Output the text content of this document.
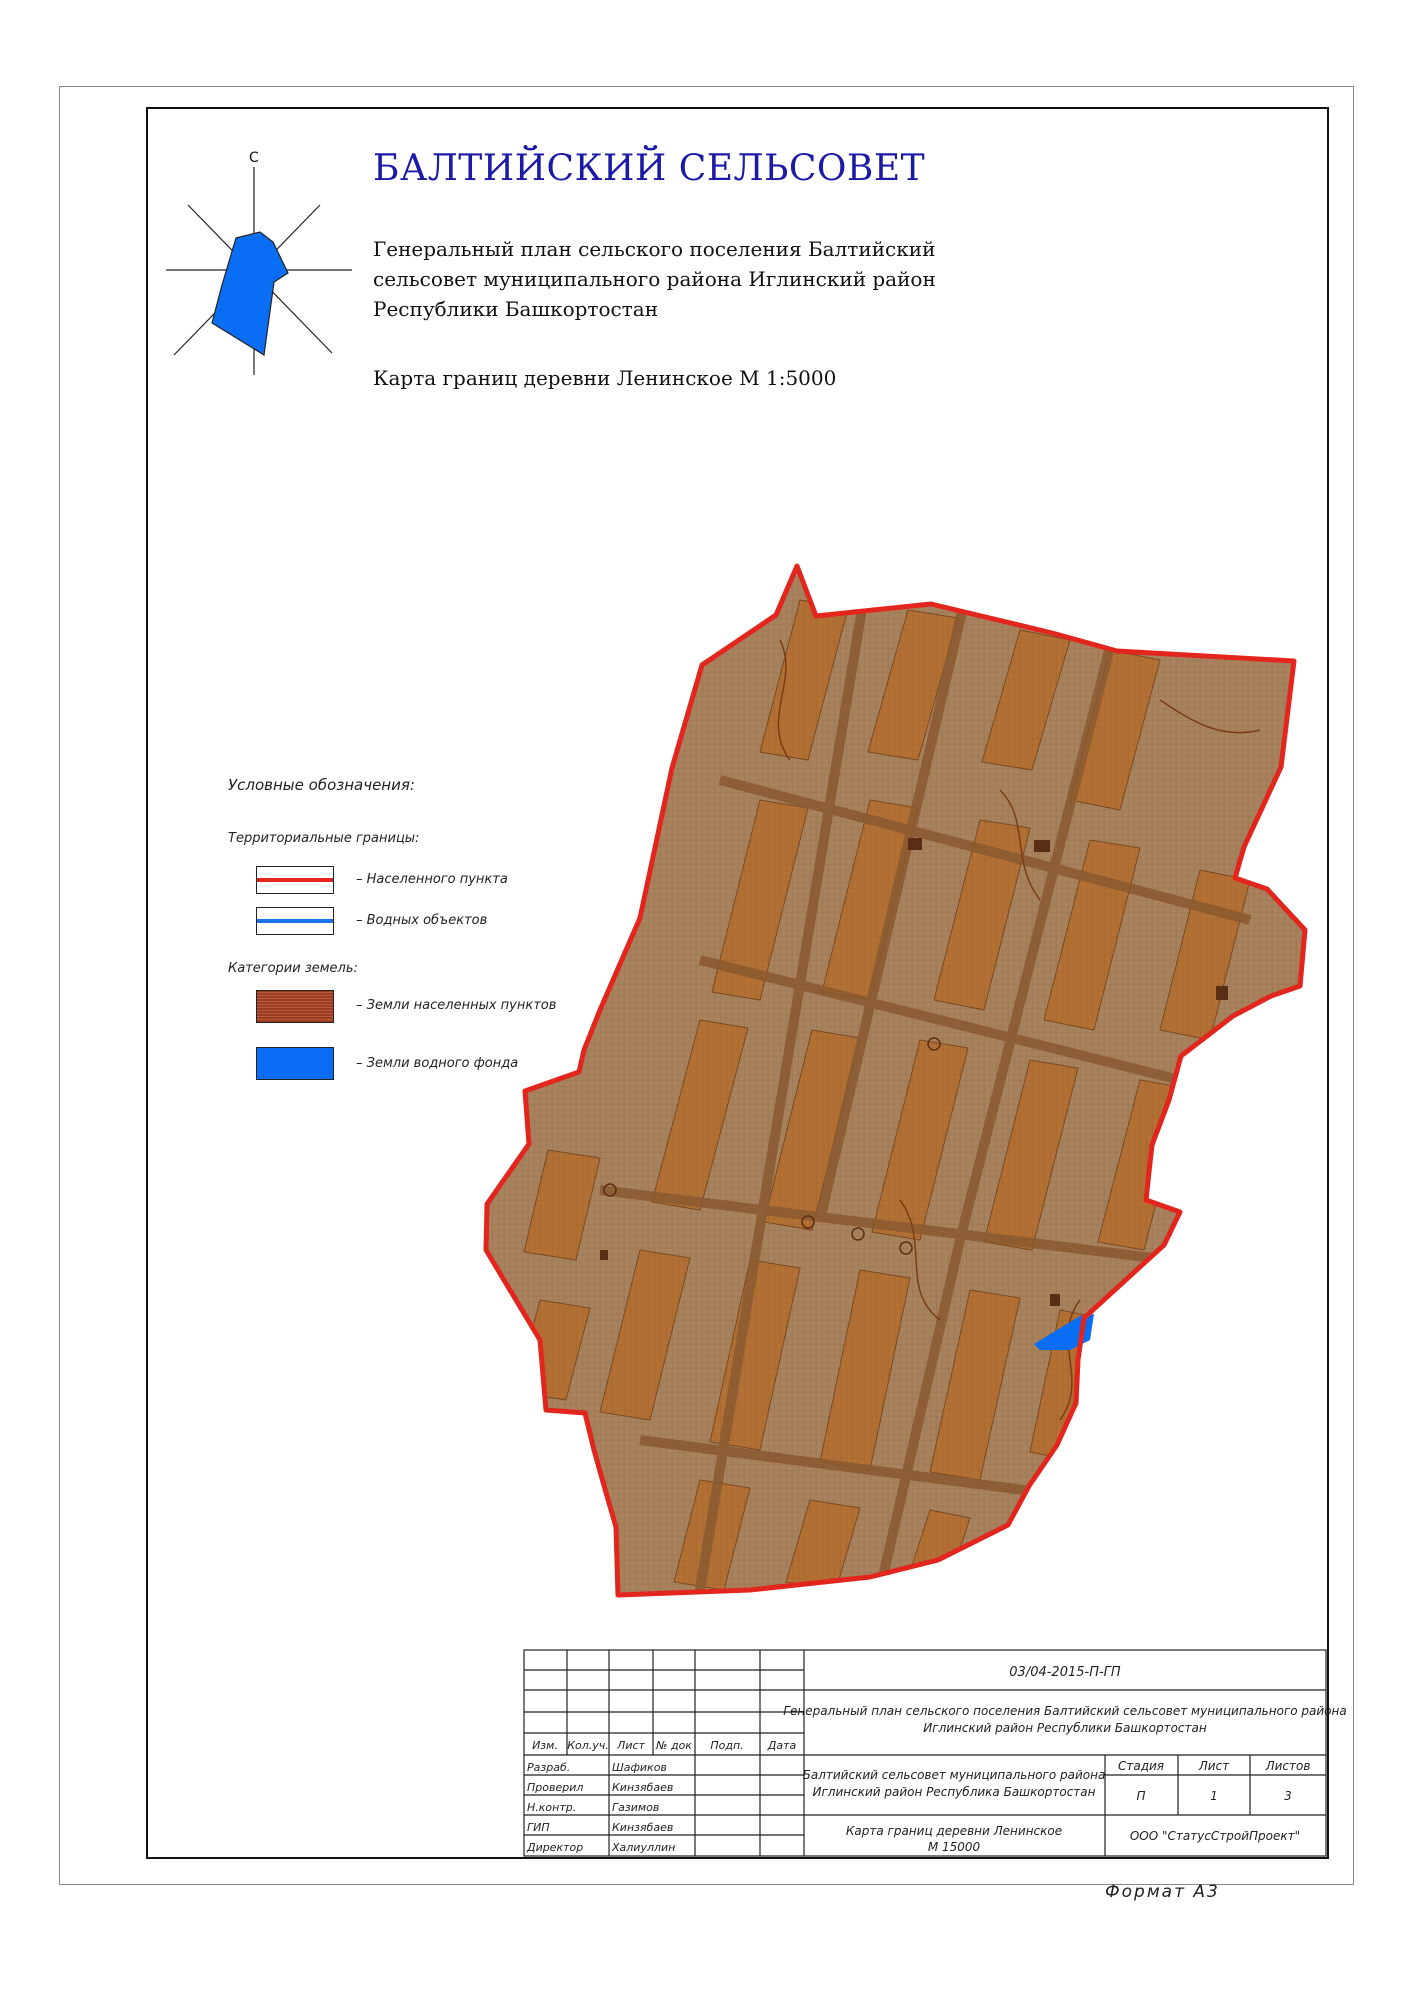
С	БАЛТИЙСКИЙ СЕЛЬСОВЕТ
Генеральный план сельского поселения Балтийский
сельсовет муниципального района Иглинский район
Республики Башкортостан
Карта границ деревни Ленинское М 1:5000
Условные обозначения:
Территориальные границы:
– Населенного пункта
– Водных объектов
Категории земель:
– Земли населенных пунктов
– Земли водного фонда
03/04-2015-П-ГП
Генеральный план сельского поселения Балтийский сельсовет муниципального района
Иглинский район Республики Башкортостан
Изм. Кол.уч. Лист № док Подп. Дата
Разраб.	Шафиков
Проверил	Кинзябаев
Н.контр.	Газимов
ГИП	Кинзябаев
Директор	Халиуллин
Балтийский сельсовет муниципального района
Иглинский район Республика Башкортостан
Стадия	Лист	Листов
П	1	3
Карта границ деревни Ленинское
М 15000
ООО "СтатусСтройПроект"
Формат А3
